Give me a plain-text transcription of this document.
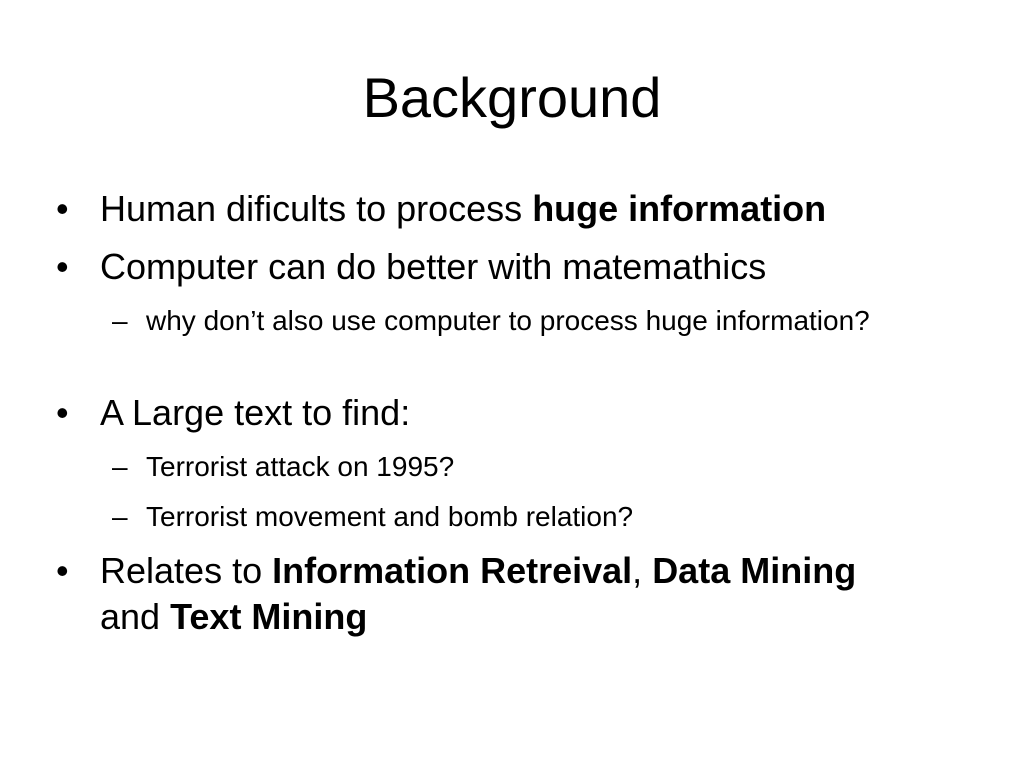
Background
• Human dificults to process huge information
• Computer can do better with matemathics
– why don’t also use computer to process huge information?
• A Large text to find:
– Terrorist attack on 1995?
– Terrorist movement and bomb relation?
• Relates to Information Retreival, Data Mining
and Text Mining
